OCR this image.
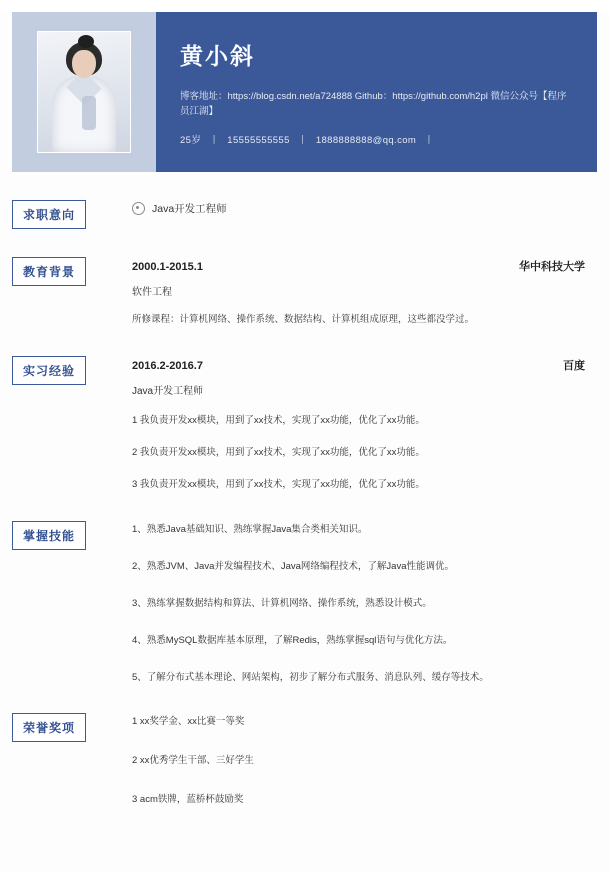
黄小斜
博客地址：https://blog.csdn.net/a724888 Github：https://github.com/h2pl 微信公众号【程序员江湖】
25岁 丨 15555555555 丨 1888888888@qq.com 丨
求职意向	Java开发工程师
教育背景	2000.1-2015.1	华中科技大学
软件工程
所修课程：计算机网络、操作系统、数据结构、计算机组成原理，这些都没学过。
实习经验	2016.2-2016.7	百度
Java开发工程师
1 我负责开发xx模块，用到了xx技术，实现了xx功能，优化了xx功能。
2 我负责开发xx模块，用到了xx技术，实现了xx功能，优化了xx功能。
3 我负责开发xx模块，用到了xx技术，实现了xx功能，优化了xx功能。
掌握技能	1、熟悉Java基础知识、熟练掌握Java集合类相关知识。
2、熟悉JVM、Java并发编程技术、Java网络编程技术，了解Java性能调优。
3、熟练掌握数据结构和算法、计算机网络、操作系统，熟悉设计模式。
4、熟悉MySQL数据库基本原理，了解Redis，熟练掌握sql语句与优化方法。
5、了解分布式基本理论、网站架构，初步了解分布式服务、消息队列、缓存等技术。
荣誉奖项	1 xx奖学金、xx比赛一等奖
2 xx优秀学生干部、三好学生
3 acm铁牌，蓝桥杯鼓励奖
